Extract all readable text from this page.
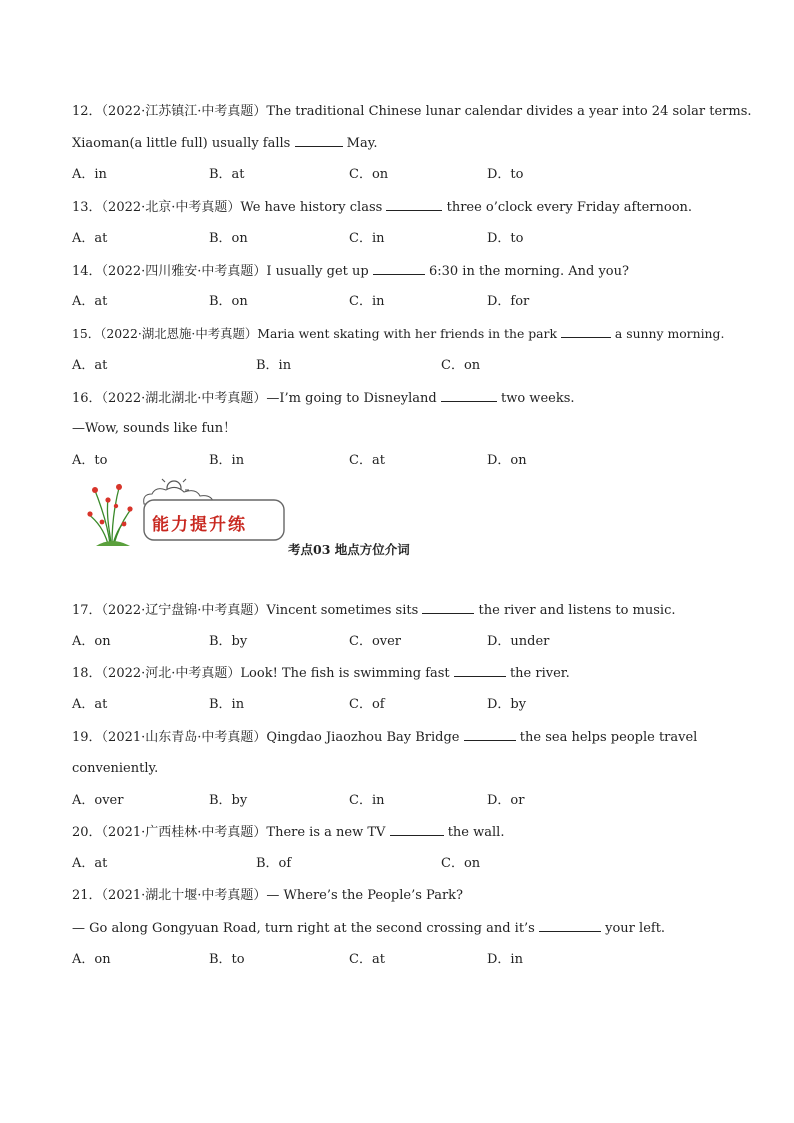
12．（2022·江苏镇江·中考真题）The traditional Chinese lunar calendar divides a year into 24 solar terms.
Xiaoman(a little full) usually falls	May.
A．in	B．at	C．on	D．to
13．（2022·北京·中考真题）We have history class	three o’clock every Friday afternoon.
A．at	B．on	C．in	D．to
14．（2022·四川雅安·中考真题）I usually get up	6:30 in the morning. And you?
A．at	B．on	C．in	D．for
15．（2022·湖北恩施·中考真题）Maria went skating with her friends in the park	a sunny morning.
A．at	B．in	C．on
16．（2022·湖北湖北·中考真题）—I’m going to Disneyland	two weeks.
—Wow, sounds like fun！
A．to	B．in	C．at	D．on
能力提升练
考点03 地点方位介词
17．（2022·辽宁盘锦·中考真题）Vincent sometimes sits	the river and listens to music.
A．on	B．by	C．over	D．under
18．（2022·河北·中考真题）Look! The fish is swimming fast	the river.
A．at	B．in	C．of	D．by
19．（2021·山东青岛·中考真题）Qingdao Jiaozhou Bay Bridge	the sea helps people travel
conveniently.
A．over	B．by	C．in	D．or
20．（2021·广西桂林·中考真题）There is a new TV	the wall.
A．at	B．of	C．on
21．（2021·湖北十堰·中考真题）— Where’s the People’s Park?
— Go along Gongyuan Road, turn right at the second crossing and it’s	your left.
A．on	B．to	C．at	D．in
